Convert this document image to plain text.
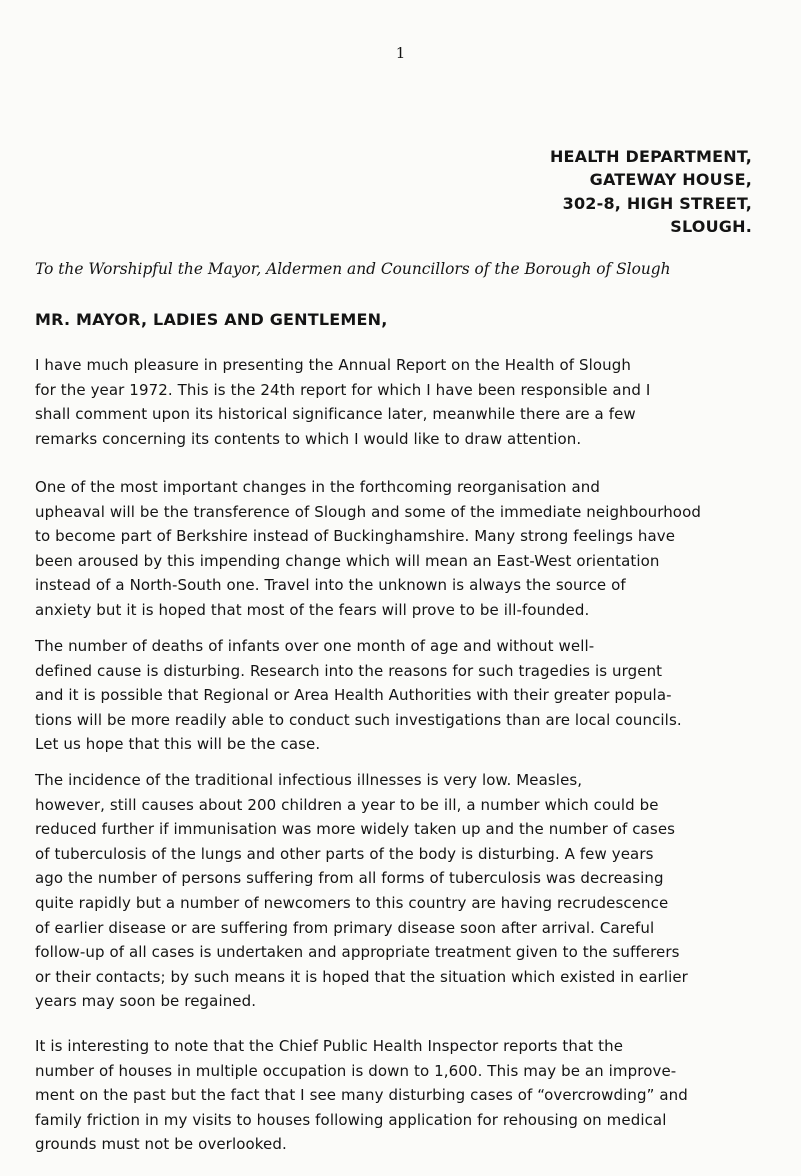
1
HEALTH DEPARTMENT,
GATEWAY HOUSE,
302-8, HIGH STREET,
SLOUGH.
To the Worshipful the Mayor, Aldermen and Councillors of the Borough of Slough
MR. MAYOR, LADIES AND GENTLEMEN,
I have much pleasure in presenting the Annual Report on the Health of Slough
for the year 1972. This is the 24th report for which I have been responsible and I
shall comment upon its historical significance later, meanwhile there are a few
remarks concerning its contents to which I would like to draw attention.
One of the most important changes in the forthcoming reorganisation and
upheaval will be the transference of Slough and some of the immediate neighbourhood
to become part of Berkshire instead of Buckinghamshire. Many strong feelings have
been aroused by this impending change which will mean an East-West orientation
instead of a North-South one. Travel into the unknown is always the source of
anxiety but it is hoped that most of the fears will prove to be ill-founded.
The number of deaths of infants over one month of age and without well-
defined cause is disturbing. Research into the reasons for such tragedies is urgent
and it is possible that Regional or Area Health Authorities with their greater popula-
tions will be more readily able to conduct such investigations than are local councils.
Let us hope that this will be the case.
The incidence of the traditional infectious illnesses is very low. Measles,
however, still causes about 200 children a year to be ill, a number which could be
reduced further if immunisation was more widely taken up and the number of cases
of tuberculosis of the lungs and other parts of the body is disturbing. A few years
ago the number of persons suffering from all forms of tuberculosis was decreasing
quite rapidly but a number of newcomers to this country are having recrudescence
of earlier disease or are suffering from primary disease soon after arrival. Careful
follow-up of all cases is undertaken and appropriate treatment given to the sufferers
or their contacts; by such means it is hoped that the situation which existed in earlier
years may soon be regained.
It is interesting to note that the Chief Public Health Inspector reports that the
number of houses in multiple occupation is down to 1,600. This may be an improve-
ment on the past but the fact that I see many disturbing cases of “overcrowding” and
family friction in my visits to houses following application for rehousing on medical
grounds must not be overlooked.
